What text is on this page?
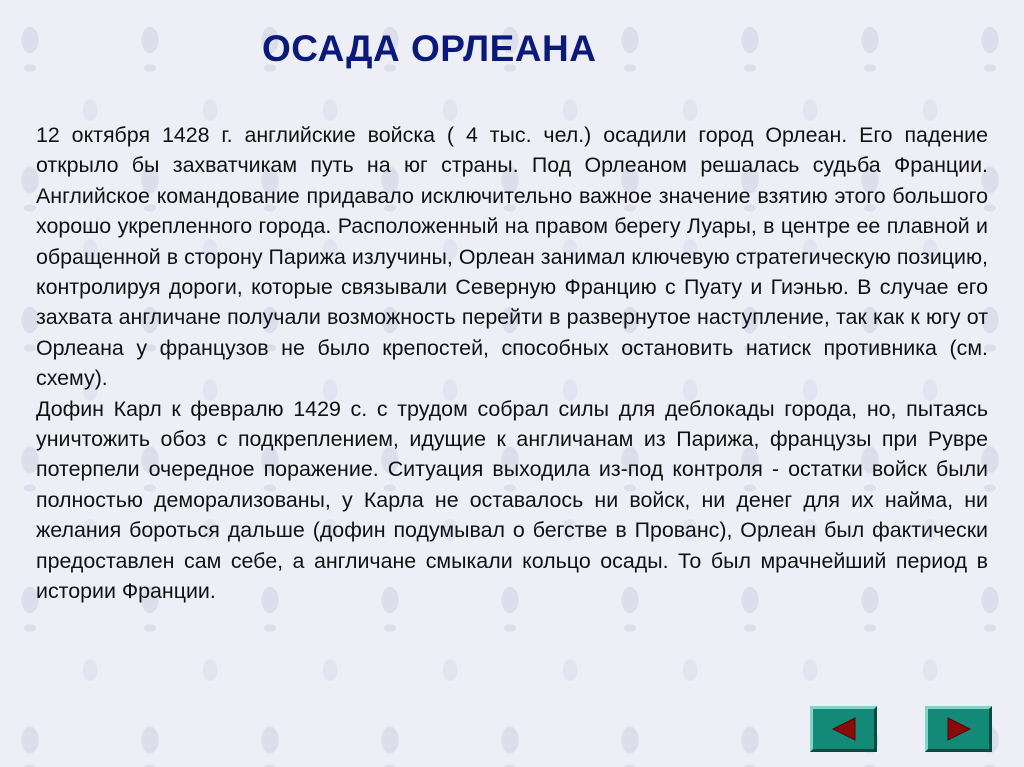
ОСАДА ОРЛЕАНА

12 октября 1428 г. английские войска ( 4 тыс. чел.) осадили город Орлеан. Его падение открыло бы захватчикам путь на юг страны. Под Орлеаном решалась судьба Франции. Английское командование придавало исключительно важное значение взятию этого большого хорошо укрепленного города. Расположенный на правом берегу Луары, в центре ее плавной и обращенной в сторону Парижа излучины, Орлеан занимал ключевую стратегическую позицию, контролируя дороги, которые связывали Северную Францию с Пуату и Гиэнью. В случае его захвата англичане получали возможность перейти в развернутое наступление, так как к югу от Орлеана у французов не было крепостей, способных остановить натиск противника (см. схему).

Дофин Карл к февралю 1429 с. с трудом собрал силы для деблокады города, но, пытаясь уничтожить обоз с подкреплением, идущие к англичанам из Парижа, французы при Рувре потерпели очередное поражение. Ситуация выходила из-под контроля - остатки войск были полностью деморализованы, у Карла не оставалось ни войск, ни денег для их найма, ни желания бороться дальше (дофин подумывал о бегстве в Прованс), Орлеан был фактически предоставлен сам себе, а англичане смыкали кольцо осады. То был мрачнейший период в истории Франции.
